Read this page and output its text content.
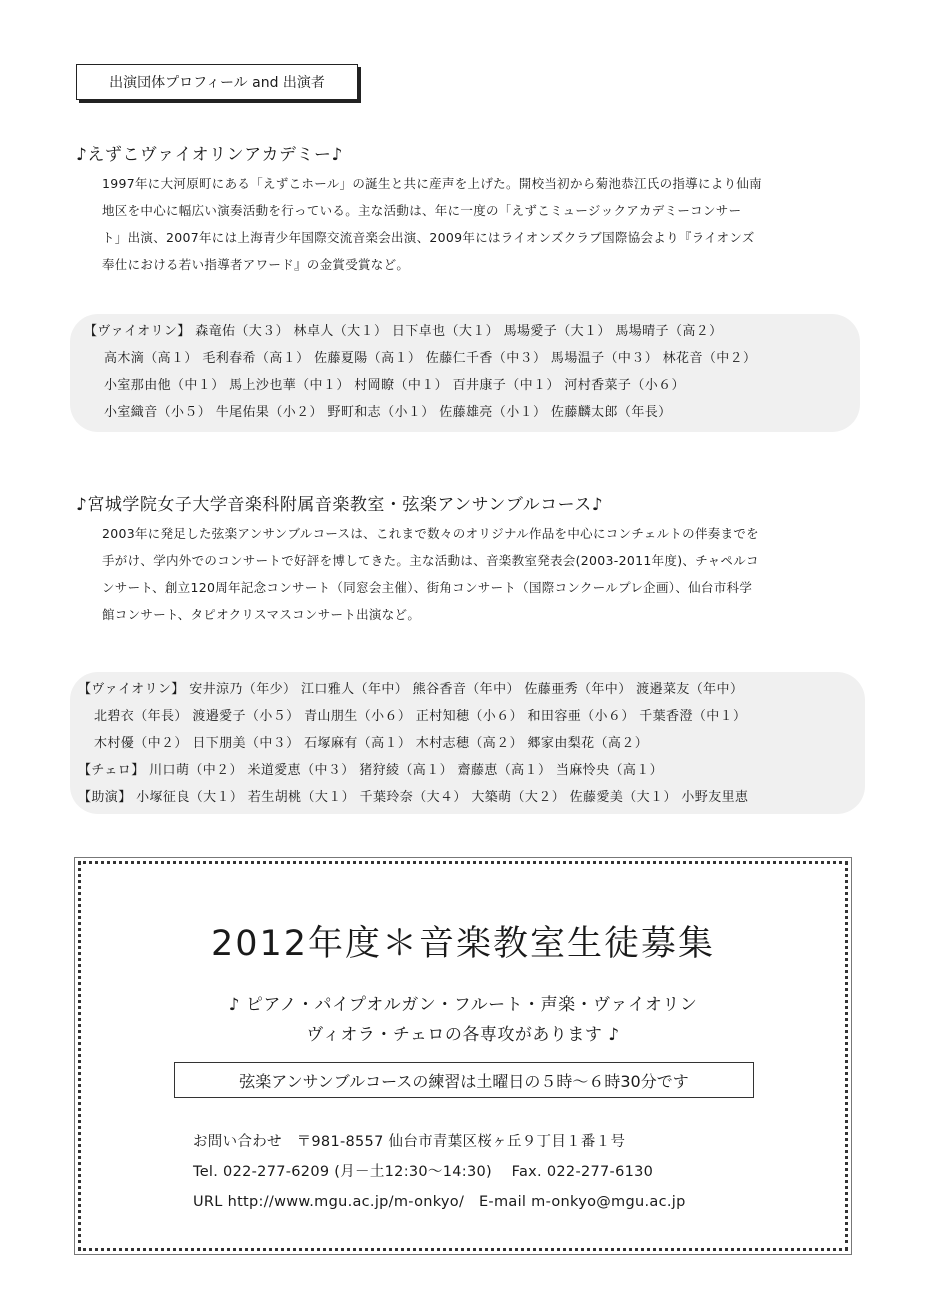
出演団体プロフィール and 出演者
♪えずこヴァイオリンアカデミー♪
1997年に大河原町にある「えずこホール」の誕生と共に産声を上げた。開校当初から菊池恭江氏の指導により仙南
地区を中心に幅広い演奏活動を行っている。主な活動は、年に一度の「えずこミュージックアカデミーコンサー
ト」出演、2007年には上海青少年国際交流音楽会出演、2009年にはライオンズクラブ国際協会より『ライオンズ
奉仕における若い指導者アワード』の金賞受賞など。
【ヴァイオリン】 森竜佑（大３） 林卓人（大１） 日下卓也（大１） 馬場愛子（大１） 馬場晴子（高２）
高木滴（高１） 毛利春希（高１） 佐藤夏陽（高１） 佐藤仁千香（中３） 馬場温子（中３） 林花音（中２）
小室那由他（中１） 馬上沙也華（中１） 村岡瞭（中１） 百井康子（中１） 河村香菜子（小６）
小室織音（小５） 牛尾佑果（小２） 野町和志（小１） 佐藤雄亮（小１） 佐藤麟太郎（年長）
♪宮城学院女子大学音楽科附属音楽教室・弦楽アンサンブルコース♪
2003年に発足した弦楽アンサンブルコースは、これまで数々のオリジナル作品を中心にコンチェルトの伴奏までを
手がけ、学内外でのコンサートで好評を博してきた。主な活動は、音楽教室発表会(2003-2011年度)、チャペルコ
ンサート、創立120周年記念コンサート（同窓会主催）、街角コンサート（国際コンクールプレ企画）、仙台市科学
館コンサート、タピオクリスマスコンサート出演など。
【ヴァイオリン】 安井涼乃（年少） 江口雅人（年中） 熊谷香音（年中） 佐藤亜秀（年中） 渡邉菜友（年中）
北碧衣（年長） 渡邉愛子（小５） 青山朋生（小６） 正村知穂（小６） 和田容亜（小６） 千葉香澄（中１）
木村優（中２） 日下朋美（中３） 石塚麻有（高１） 木村志穂（高２） 郷家由梨花（高２）
【チェロ】 川口萌（中２） 米道愛恵（中３） 猪狩綾（高１） 齋藤恵（高１） 当麻怜央（高１）
【助演】 小塚征良（大１） 若生胡桃（大１） 千葉玲奈（大４） 大築萌（大２） 佐藤愛美（大１） 小野友里恵
2012年度＊音楽教室生徒募集
♪ ピアノ・パイプオルガン・フルート・声楽・ヴァイオリン
ヴィオラ・チェロの各専攻があります ♪
弦楽アンサンブルコースの練習は土曜日の５時〜６時30分です
お問い合わせ　〒981-8557 仙台市青葉区桜ヶ丘９丁目１番１号
Tel. 022-277-6209 (月－土12:30〜14:30)　 Fax. 022-277-6130
URL http://www.mgu.ac.jp/m-onkyo/　E-mail m-onkyo@mgu.ac.jp
